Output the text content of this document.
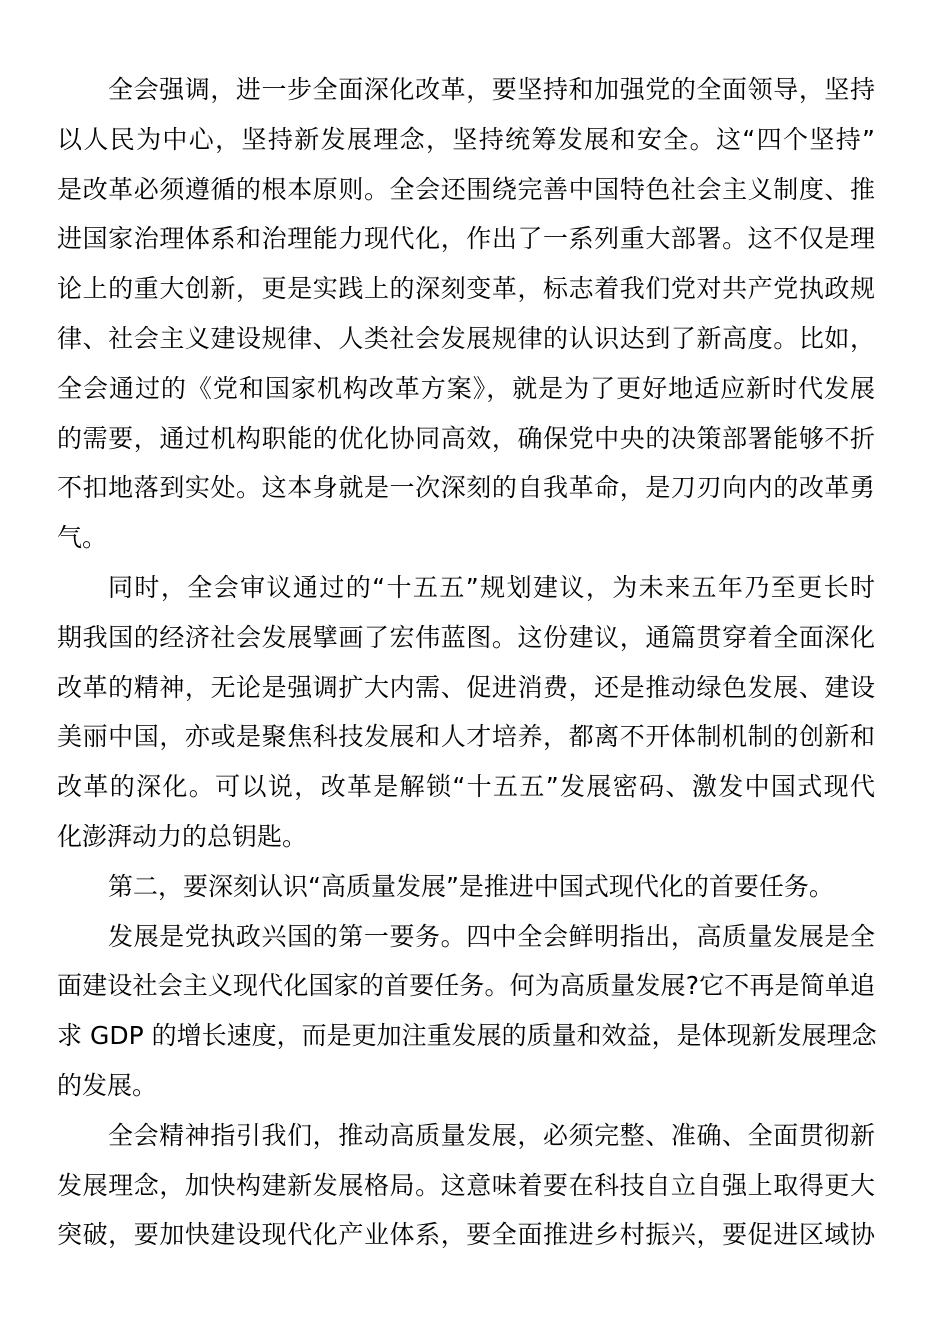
全会强调，进一步全面深化改革，要坚持和加强党的全面领导，坚持
以人民为中心，坚持新发展理念，坚持统筹发展和安全。这“四个坚持”
是改革必须遵循的根本原则。全会还围绕完善中国特色社会主义制度、推
进国家治理体系和治理能力现代化，作出了一系列重大部署。这不仅是理
论上的重大创新，更是实践上的深刻变革，标志着我们党对共产党执政规
律、社会主义建设规律、人类社会发展规律的认识达到了新高度。比如，
全会通过的《党和国家机构改革方案》，就是为了更好地适应新时代发展
的需要，通过机构职能的优化协同高效，确保党中央的决策部署能够不折
不扣地落到实处。这本身就是一次深刻的自我革命，是刀刃向内的改革勇
气。
同时，全会审议通过的“十五五”规划建议，为未来五年乃至更长时
期我国的经济社会发展擘画了宏伟蓝图。这份建议，通篇贯穿着全面深化
改革的精神，无论是强调扩大内需、促进消费，还是推动绿色发展、建设
美丽中国，亦或是聚焦科技发展和人才培养，都离不开体制机制的创新和
改革的深化。可以说，改革是解锁“十五五”发展密码、激发中国式现代
化澎湃动力的总钥匙。
第二，要深刻认识“高质量发展”是推进中国式现代化的首要任务。
发展是党执政兴国的第一要务。四中全会鲜明指出，高质量发展是全
面建设社会主义现代化国家的首要任务。何为高质量发展?它不再是简单追
求 GDP 的增长速度，而是更加注重发展的质量和效益，是体现新发展理念
的发展。
全会精神指引我们，推动高质量发展，必须完整、准确、全面贯彻新
发展理念，加快构建新发展格局。这意味着要在科技自立自强上取得更大
突破，要加快建设现代化产业体系，要全面推进乡村振兴，要促进区域协
